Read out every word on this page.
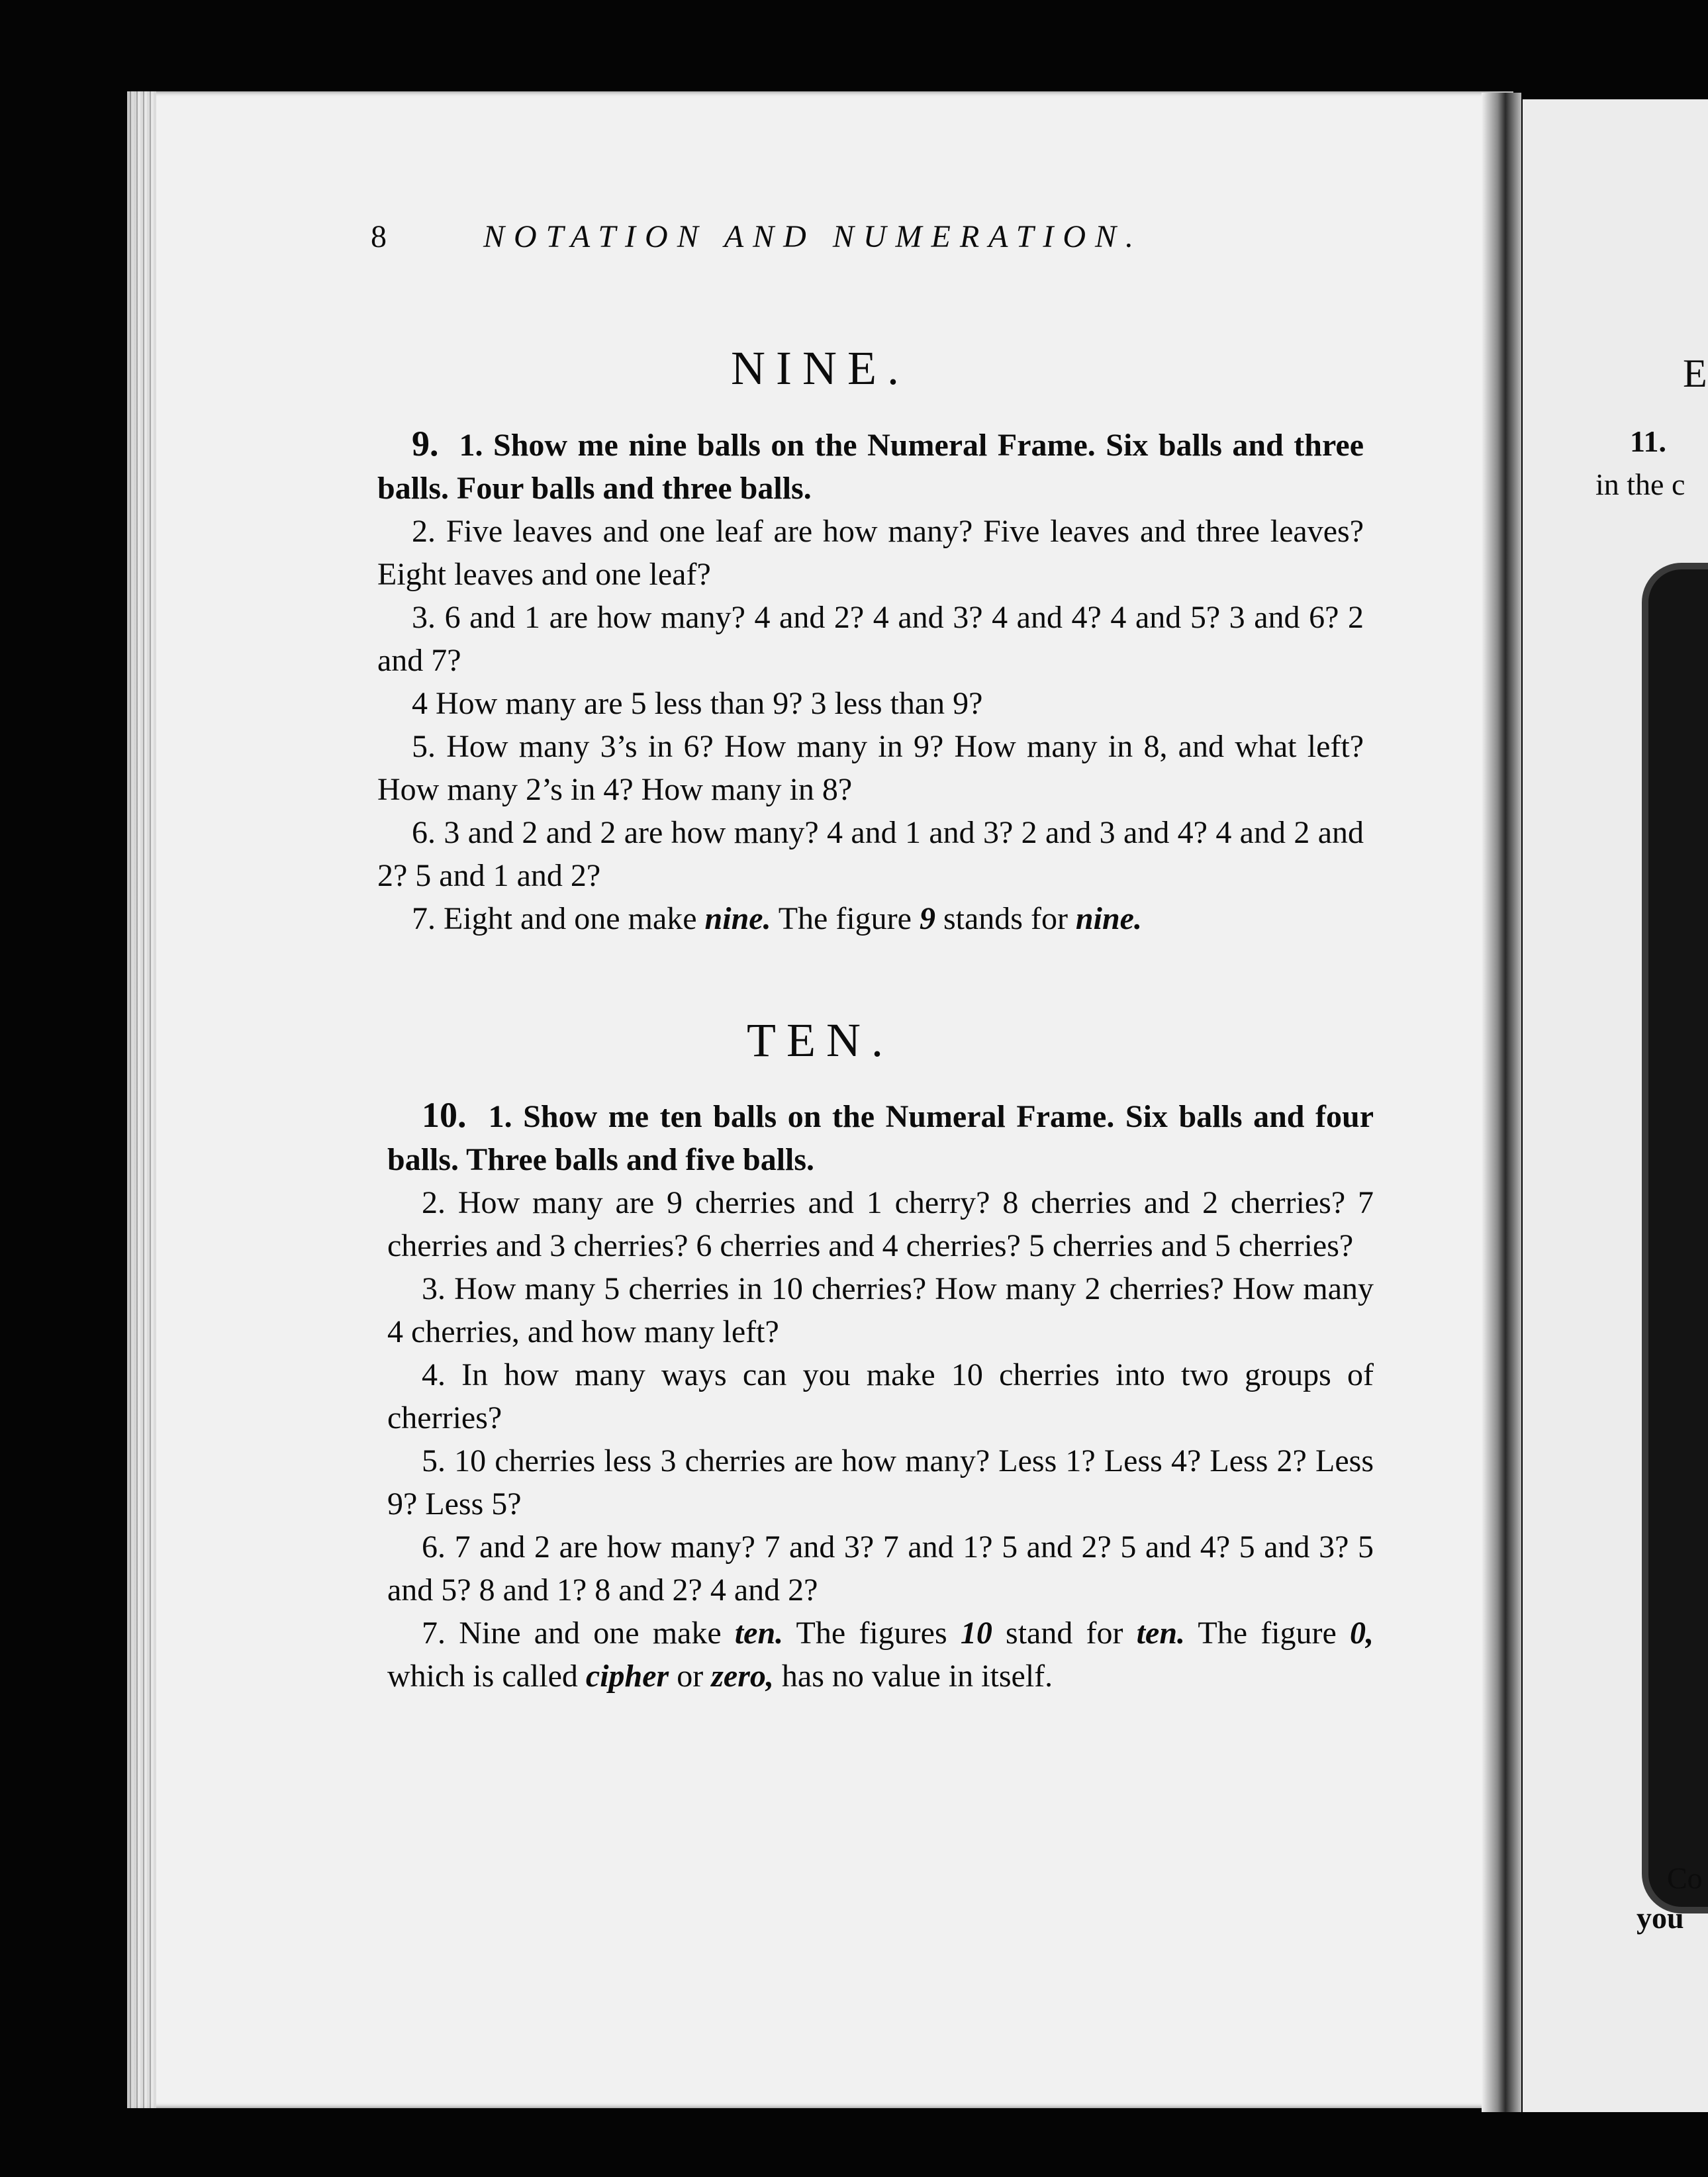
E
11.
in the c
Co
you
8	NOTATION AND NUMERATION.
NINE.

9. 1. Show me nine balls on the Numeral Frame. Six balls and three balls. Four balls and three balls.

2. Five leaves and one leaf are how many? Five leaves and three leaves? Eight leaves and one leaf?

3. 6 and 1 are how many? 4 and 2? 4 and 3? 4 and 4? 4 and 5? 3 and 6? 2 and 7?

4 How many are 5 less than 9? 3 less than 9?

5. How many 3’s in 6? How many in 9? How many in 8, and what left? How many 2’s in 4? How many in 8?

6. 3 and 2 and 2 are how many? 4 and 1 and 3? 2 and 3 and 4? 4 and 2 and 2? 5 and 1 and 2?

7. Eight and one make nine. The figure 9 stands for nine.

TEN.

10. 1. Show me ten balls on the Numeral Frame. Six balls and four balls. Three balls and five balls.

2. How many are 9 cherries and 1 cherry? 8 cherries and 2 cherries? 7 cherries and 3 cherries? 6 cherries and 4 cherries? 5 cherries and 5 cherries?

3. How many 5 cherries in 10 cherries? How many 2 cherries? How many 4 cherries, and how many left?

4. In how many ways can you make 10 cherries into two groups of cherries?

5. 10 cherries less 3 cherries are how many? Less 1? Less 4? Less 2? Less 9? Less 5?

6. 7 and 2 are how many? 7 and 3? 7 and 1? 5 and 2? 5 and 4? 5 and 3? 5 and 5? 8 and 1? 8 and 2? 4 and 2?

7. Nine and one make ten. The figures 10 stand for ten. The figure 0, which is called cipher or zero, has no value in itself.
